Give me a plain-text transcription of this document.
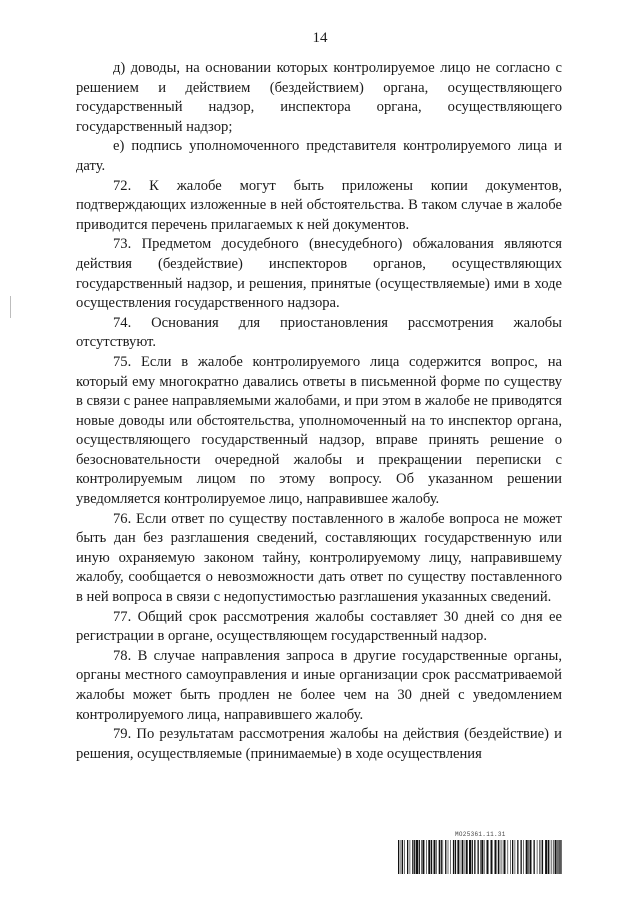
14

д) доводы, на основании которых контролируемое лицо не согласно с решением и действием (бездействием) органа, осуществляющего государственный надзор, инспектора органа, осуществляющего государственный надзор;

е) подпись уполномоченного представителя контролируемого лица и дату.

72. К жалобе могут быть приложены копии документов, подтверждающих изложенные в ней обстоятельства. В таком случае в жалобе приводится перечень прилагаемых к ней документов.

73. Предметом досудебного (внесудебного) обжалования являются действия (бездействие) инспекторов органов, осуществляющих государственный надзор, и решения, принятые (осуществляемые) ими в ходе осуществления государственного надзора.

74. Основания для приостановления рассмотрения жалобы отсутствуют.

75. Если в жалобе контролируемого лица содержится вопрос, на который ему многократно давались ответы в письменной форме по существу в связи с ранее направляемыми жалобами, и при этом в жалобе не приводятся новые доводы или обстоятельства, уполномоченный на то инспектор органа, осуществляющего государственный надзор, вправе принять решение о безосновательности очередной жалобы и прекращении переписки с контролируемым лицом по этому вопросу. Об указанном решении уведомляется контролируемое лицо, направившее жалобу.

76. Если ответ по существу поставленного в жалобе вопроса не может быть дан без разглашения сведений, составляющих государственную или иную охраняемую законом тайну, контролируемому лицу, направившему жалобу, сообщается о невозможности дать ответ по существу поставленного в ней вопроса в связи с недопустимостью разглашения указанных сведений.

77. Общий срок рассмотрения жалобы составляет 30 дней со дня ее регистрации в органе, осуществляющем государственный надзор.

78. В случае направления запроса в другие государственные органы, органы местного самоуправления и иные организации срок рассматриваемой жалобы может быть продлен не более чем на 30 дней с уведомлением контролируемого лица, направившего жалобу.

79. По результатам рассмотрения жалобы на действия (бездействие) и решения, осуществляемые (принимаемые) в ходе осуществления

MO25361.11.31
